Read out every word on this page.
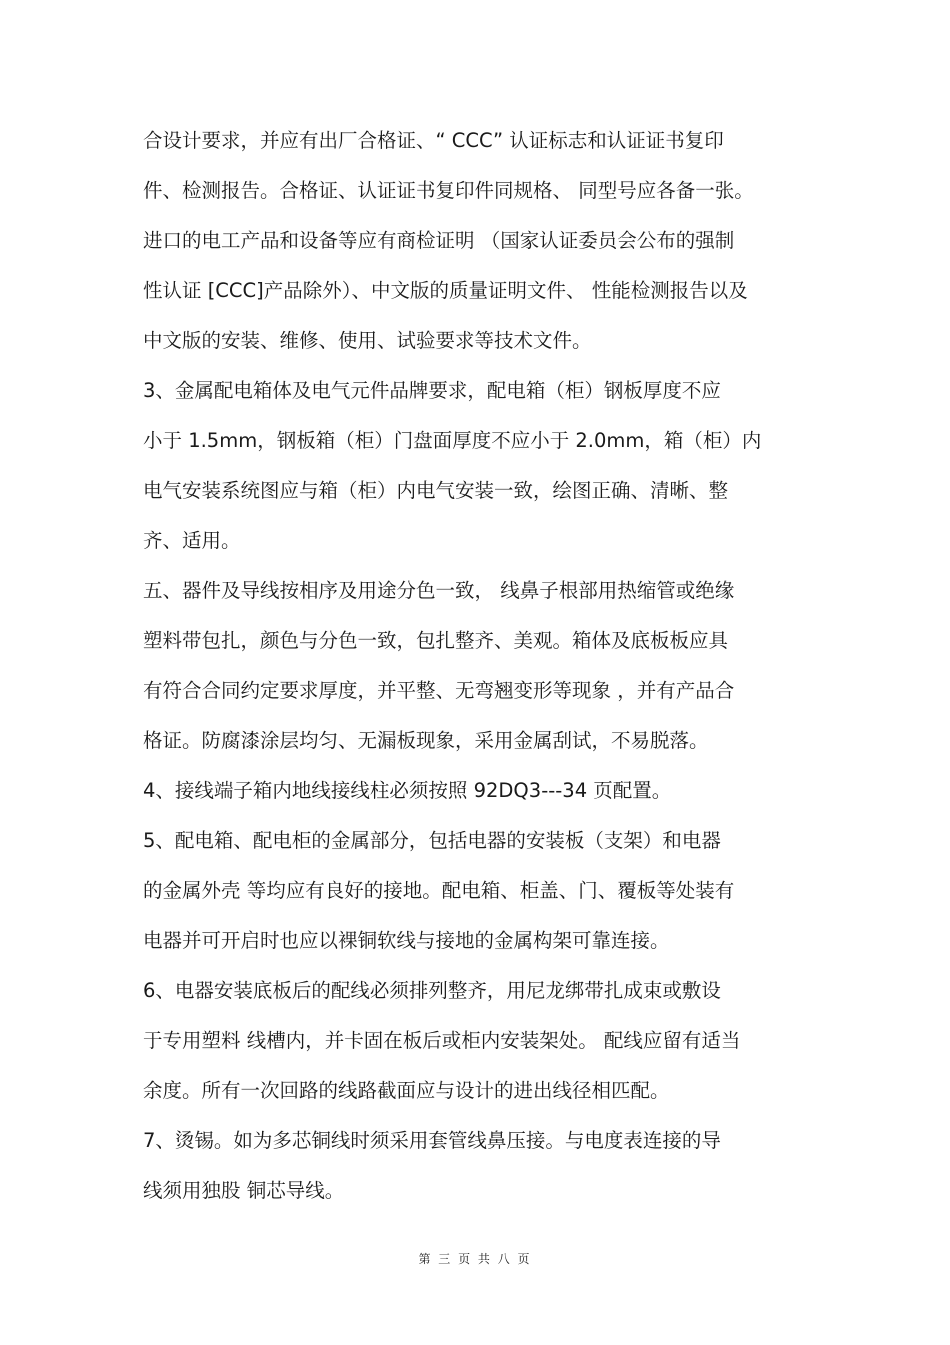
合设计要求，并应有出厂合格证、“ CCC” 认证标志和认证证书复印
件、检测报告。合格证、认证证书复印件同规格、 同型号应各备一张。
进口的电工产品和设备等应有商检证明 （国家认证委员会公布的强制
性认证 [CCC]产品除外）、中文版的质量证明文件、 性能检测报告以及
中文版的安装、维修、使用、试验要求等技术文件。
3、金属配电箱体及电气元件品牌要求，配电箱（柜）钢板厚度不应
小于 1.5mm，钢板箱（柜）门盘面厚度不应小于 2.0mm，箱（柜）内
电气安装系统图应与箱（柜）内电气安装一致，绘图正确、清晰、整
齐、适用。
五、器件及导线按相序及用途分色一致， 线鼻子根部用热缩管或绝缘
塑料带包扎，颜色与分色一致，包扎整齐、美观。箱体及底板板应具
有符合合同约定要求厚度，并平整、无弯翘变形等现象 ，并有产品合
格证。防腐漆涂层均匀、无漏板现象，采用金属刮试，不易脱落。
4、接线端子箱内地线接线柱必须按照 92DQ3---34 页配置。
5、配电箱、配电柜的金属部分，包括电器的安装板（支架）和电器
的金属外壳 等均应有良好的接地。配电箱、柜盖、门、覆板等处装有
电器并可开启时也应以裸铜软线与接地的金属构架可靠连接。
6、电器安装底板后的配线必须排列整齐，用尼龙绑带扎成束或敷设
于专用塑料 线槽内，并卡固在板后或柜内安装架处。 配线应留有适当
余度。所有一次回路的线路截面应与设计的进出线径相匹配。
7、烫锡。如为多芯铜线时须采用套管线鼻压接。与电度表连接的导
线须用独股 铜芯导线。
第 三 页 共 八 页
